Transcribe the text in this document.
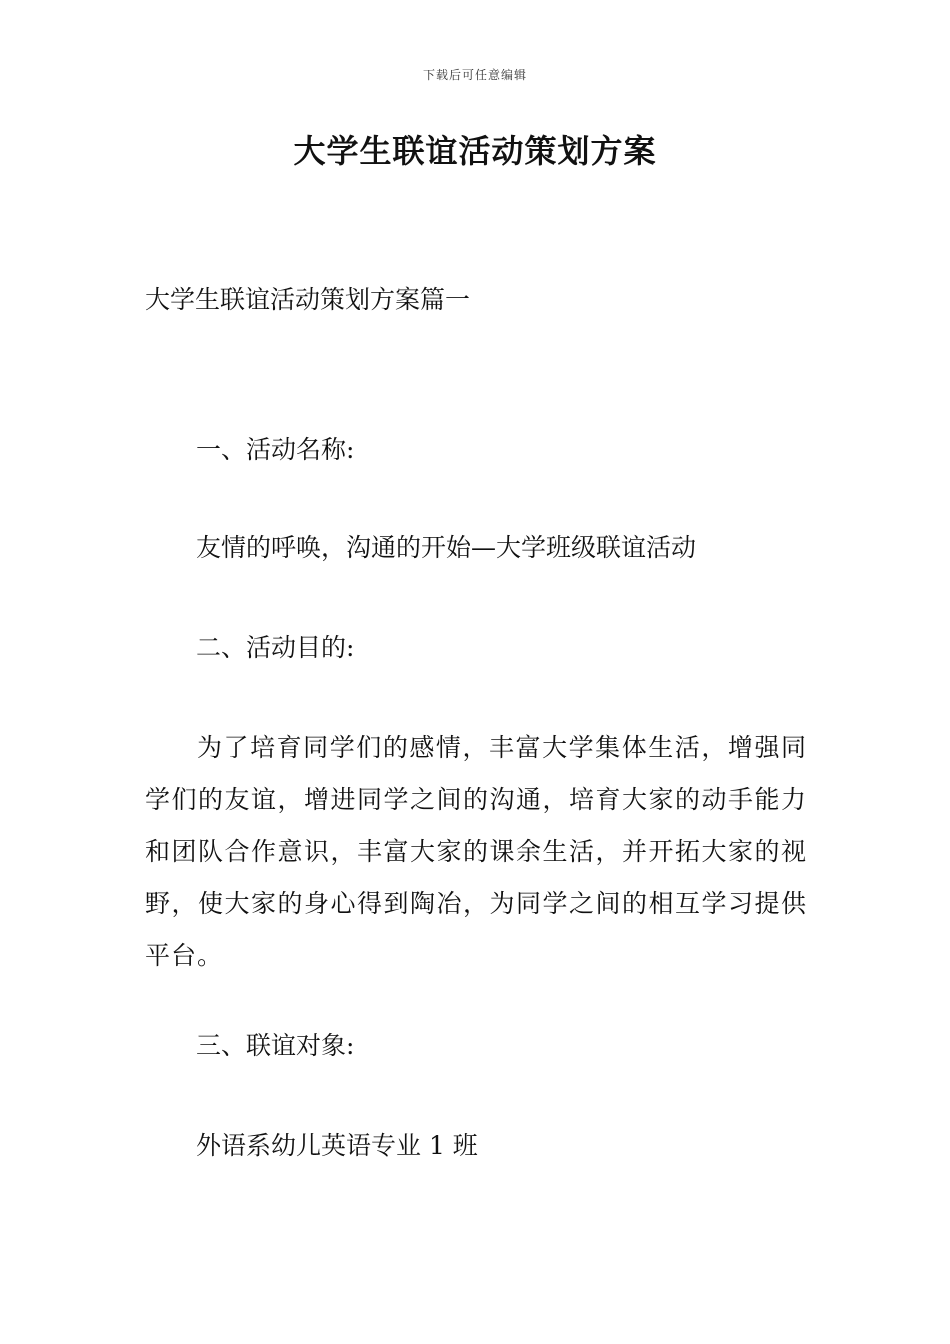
下载后可任意编辑
大学生联谊活动策划方案

大学生联谊活动策划方案篇一

一、活动名称:

友情的呼唤，沟通的开始—大学班级联谊活动

二、活动目的:

为了培育同学们的感情，丰富大学集体生活，增强同学们的友谊，增进同学之间的沟通，培育大家的动手能力和团队合作意识，丰富大家的课余生活，并开拓大家的视野，使大家的身心得到陶冶，为同学之间的相互学习提供平台。

三、联谊对象:

外语系幼儿英语专业 1 班
